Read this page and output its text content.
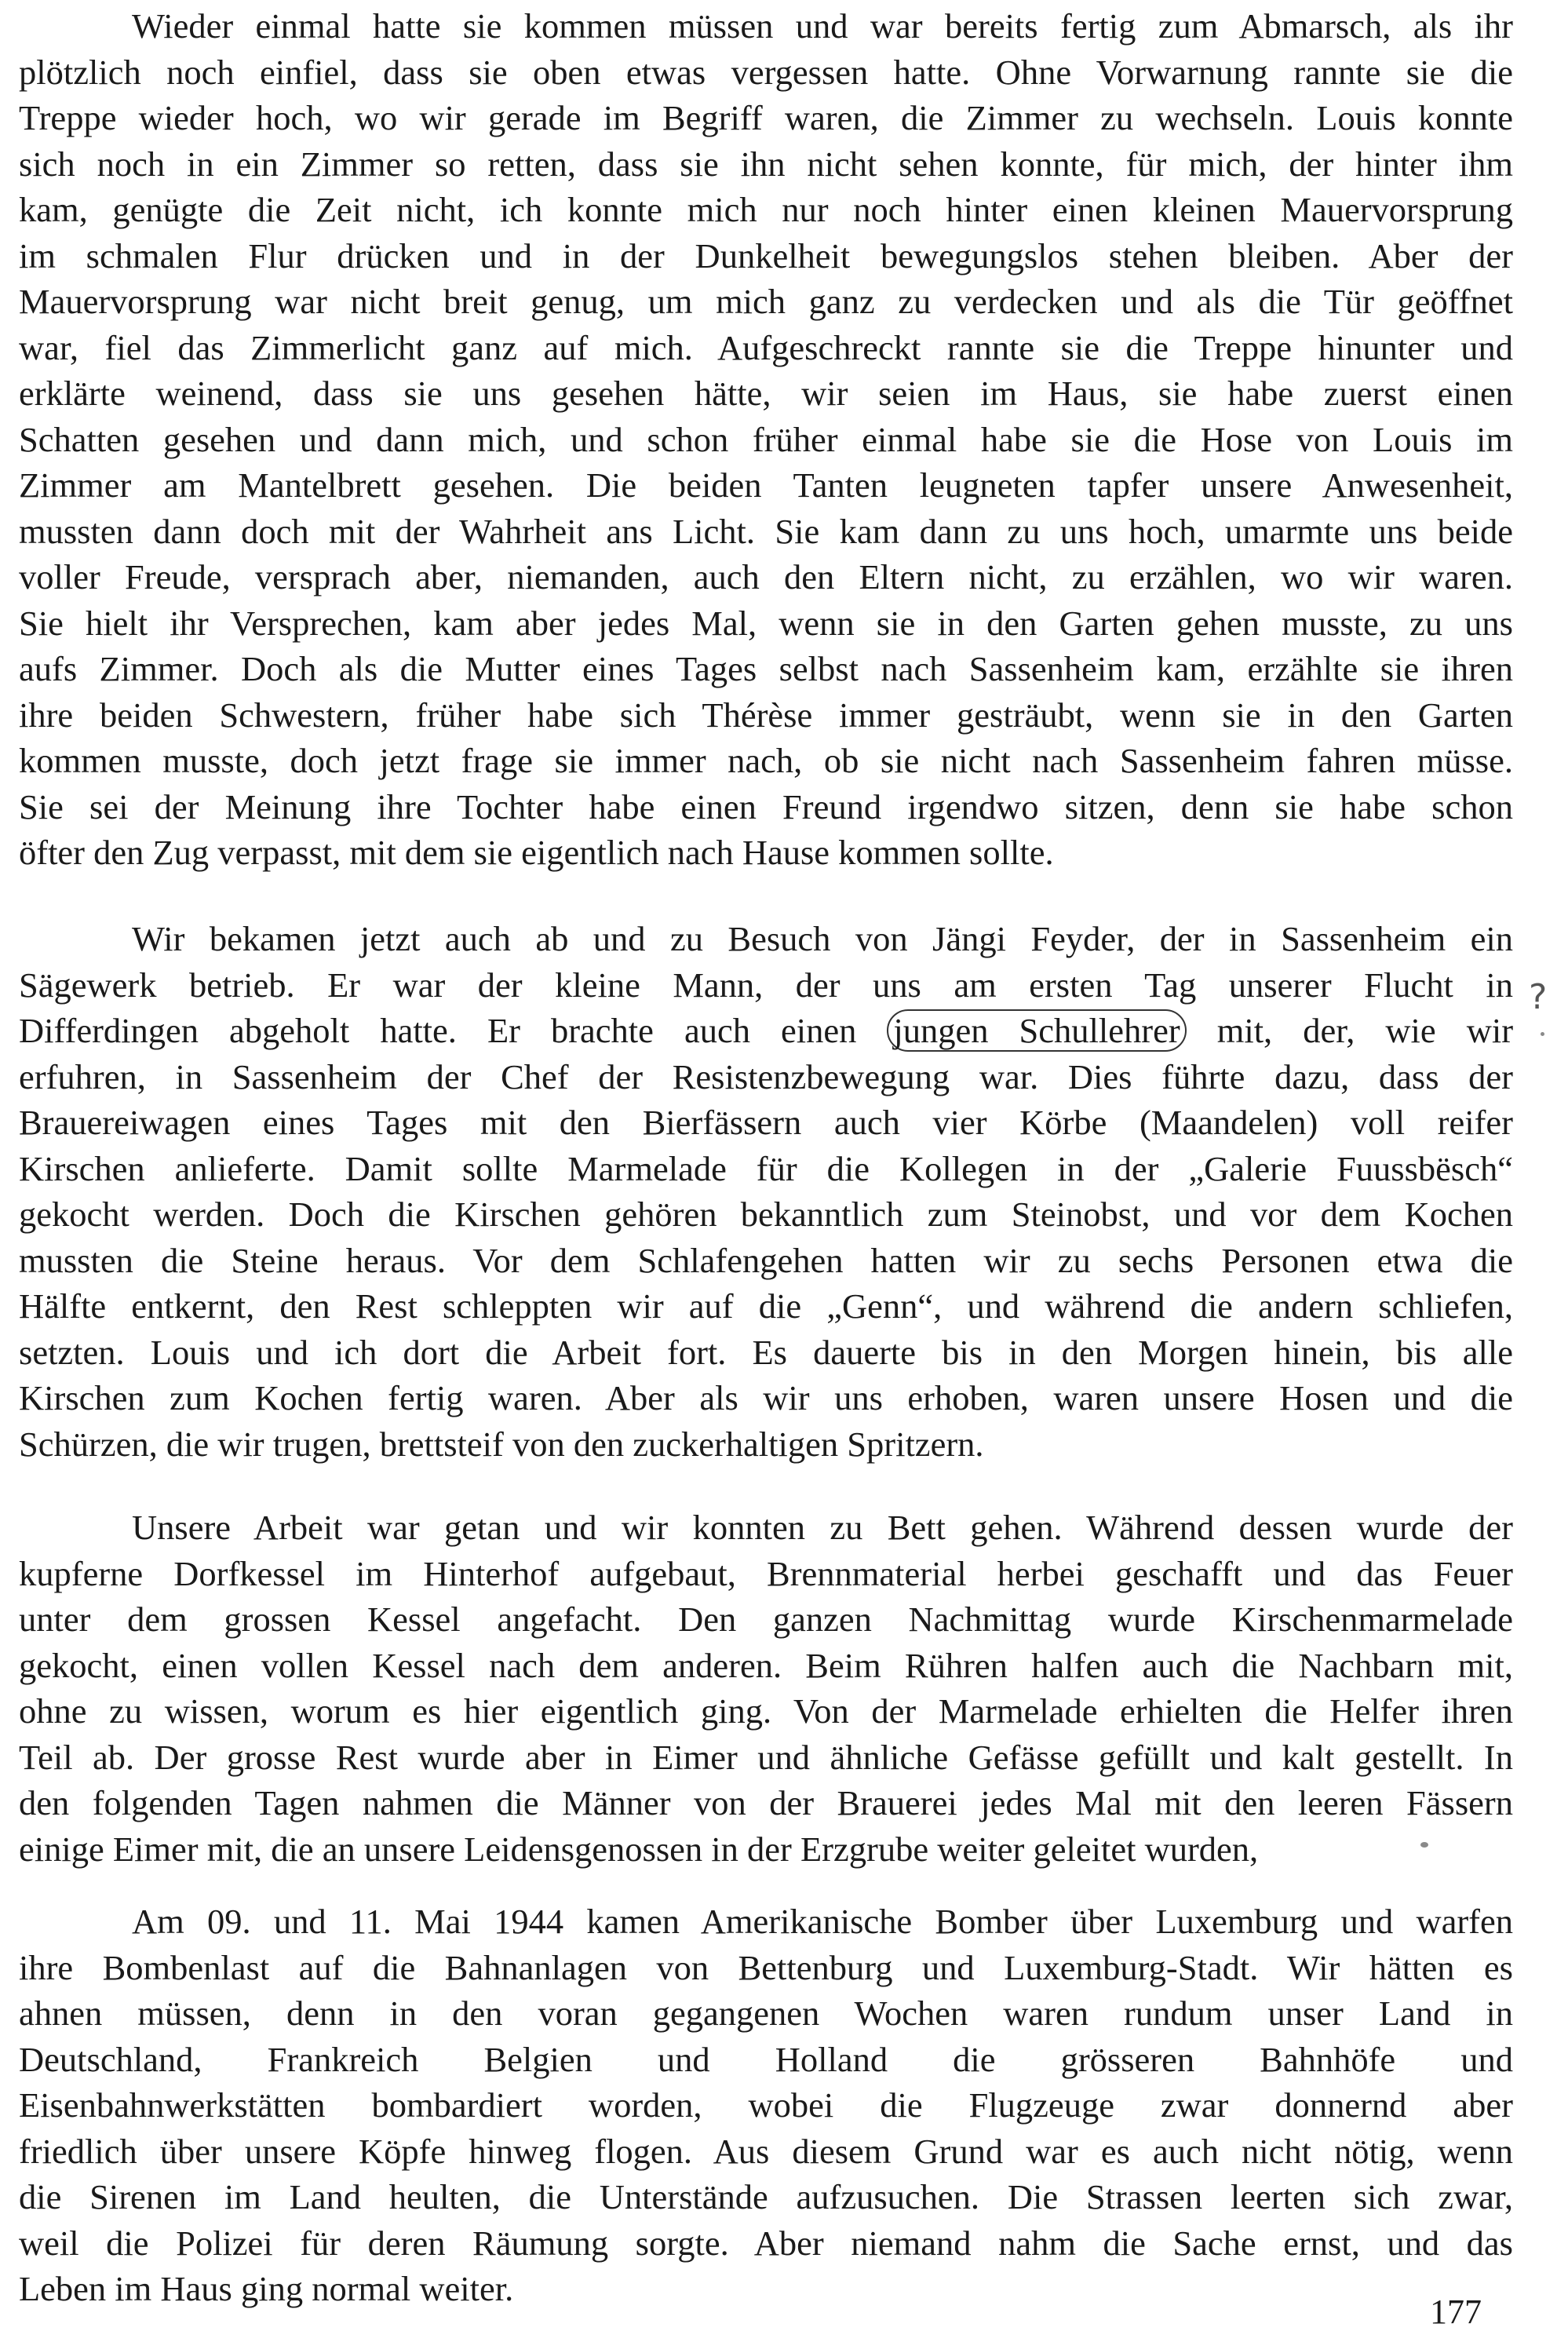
Wieder einmal hatte sie kommen müssen und war bereits fertig zum Abmarsch, als ihr
plötzlich noch einfiel, dass sie oben etwas vergessen hatte. Ohne Vorwarnung rannte sie die
Treppe wieder hoch, wo wir gerade im Begriff waren, die Zimmer zu wechseln. Louis konnte
sich noch in ein Zimmer so retten, dass sie ihn nicht sehen konnte, für mich, der hinter ihm
kam, genügte die Zeit nicht, ich konnte mich nur noch hinter einen kleinen Mauervorsprung
im schmalen Flur drücken und in der Dunkelheit bewegungslos stehen bleiben. Aber der
Mauervorsprung war nicht breit genug, um mich ganz zu verdecken und als die Tür geöffnet
war, fiel das Zimmerlicht ganz auf mich. Aufgeschreckt rannte sie die Treppe hinunter und
erklärte weinend, dass sie uns gesehen hätte, wir seien im Haus, sie habe zuerst einen
Schatten gesehen und dann mich, und schon früher einmal habe sie die Hose von Louis im
Zimmer am Mantelbrett gesehen. Die beiden Tanten leugneten tapfer unsere Anwesenheit,
mussten dann doch mit der Wahrheit ans Licht. Sie kam dann zu uns hoch, umarmte uns beide
voller Freude, versprach aber, niemanden, auch den Eltern nicht, zu erzählen, wo wir waren.
Sie hielt ihr Versprechen, kam aber jedes Mal, wenn sie in den Garten gehen musste, zu uns
aufs Zimmer. Doch als die Mutter eines Tages selbst nach Sassenheim kam, erzählte sie ihren
ihre beiden Schwestern, früher habe sich Thérèse immer gesträubt, wenn sie in den Garten
kommen musste, doch jetzt frage sie immer nach, ob sie nicht nach Sassenheim fahren müsse.
Sie sei der Meinung ihre Tochter habe einen Freund irgendwo sitzen, denn sie habe schon
öfter den Zug verpasst, mit dem sie eigentlich nach Hause kommen sollte.
Wir bekamen jetzt auch ab und zu Besuch von Jängi Feyder, der in Sassenheim ein
Sägewerk betrieb. Er war der kleine Mann, der uns am ersten Tag unserer Flucht in
Differdingen abgeholt hatte. Er brachte auch einen jungen Schullehrer mit, der, wie wir
erfuhren, in Sassenheim der Chef der Resistenzbewegung war. Dies führte dazu, dass der
Brauereiwagen eines Tages mit den Bierfässern auch vier Körbe (Maandelen) voll reifer
Kirschen anlieferte. Damit sollte Marmelade für die Kollegen in der „Galerie Fuussbësch“
gekocht werden. Doch die Kirschen gehören bekanntlich zum Steinobst, und vor dem Kochen
mussten die Steine heraus. Vor dem Schlafengehen hatten wir zu sechs Personen etwa die
Hälfte entkernt, den Rest schleppten wir auf die „Genn“, und während die andern schliefen,
setzten. Louis und ich dort die Arbeit fort. Es dauerte bis in den Morgen hinein, bis alle
Kirschen zum Kochen fertig waren. Aber als wir uns erhoben, waren unsere Hosen und die
Schürzen, die wir trugen, brettsteif von den zuckerhaltigen Spritzern.
Unsere Arbeit war getan und wir konnten zu Bett gehen. Während dessen wurde der
kupferne Dorfkessel im Hinterhof aufgebaut, Brennmaterial herbei geschafft und das Feuer
unter dem grossen Kessel angefacht. Den ganzen Nachmittag wurde Kirschenmarmelade
gekocht, einen vollen Kessel nach dem anderen. Beim Rühren halfen auch die Nachbarn mit,
ohne zu wissen, worum es hier eigentlich ging. Von der Marmelade erhielten die Helfer ihren
Teil ab. Der grosse Rest wurde aber in Eimer und ähnliche Gefässe gefüllt und kalt gestellt. In
den folgenden Tagen nahmen die Männer von der Brauerei jedes Mal mit den leeren Fässern
einige Eimer mit, die an unsere Leidensgenossen in der Erzgrube weiter geleitet wurden,
Am 09. und 11. Mai 1944 kamen Amerikanische Bomber über Luxemburg und warfen
ihre Bombenlast auf die Bahnanlagen von Bettenburg und Luxemburg-Stadt. Wir hätten es
ahnen müssen, denn in den voran gegangenen Wochen waren rundum unser Land in
Deutschland, Frankreich Belgien und Holland die grösseren Bahnhöfe und
Eisenbahnwerkstätten bombardiert worden, wobei die Flugzeuge zwar donnernd aber
friedlich über unsere Köpfe hinweg flogen. Aus diesem Grund war es auch nicht nötig, wenn
die Sirenen im Land heulten, die Unterstände aufzusuchen. Die Strassen leerten sich zwar,
weil die Polizei für deren Räumung sorgte. Aber niemand nahm die Sache ernst, und das
Leben im Haus ging normal weiter.
?
177
